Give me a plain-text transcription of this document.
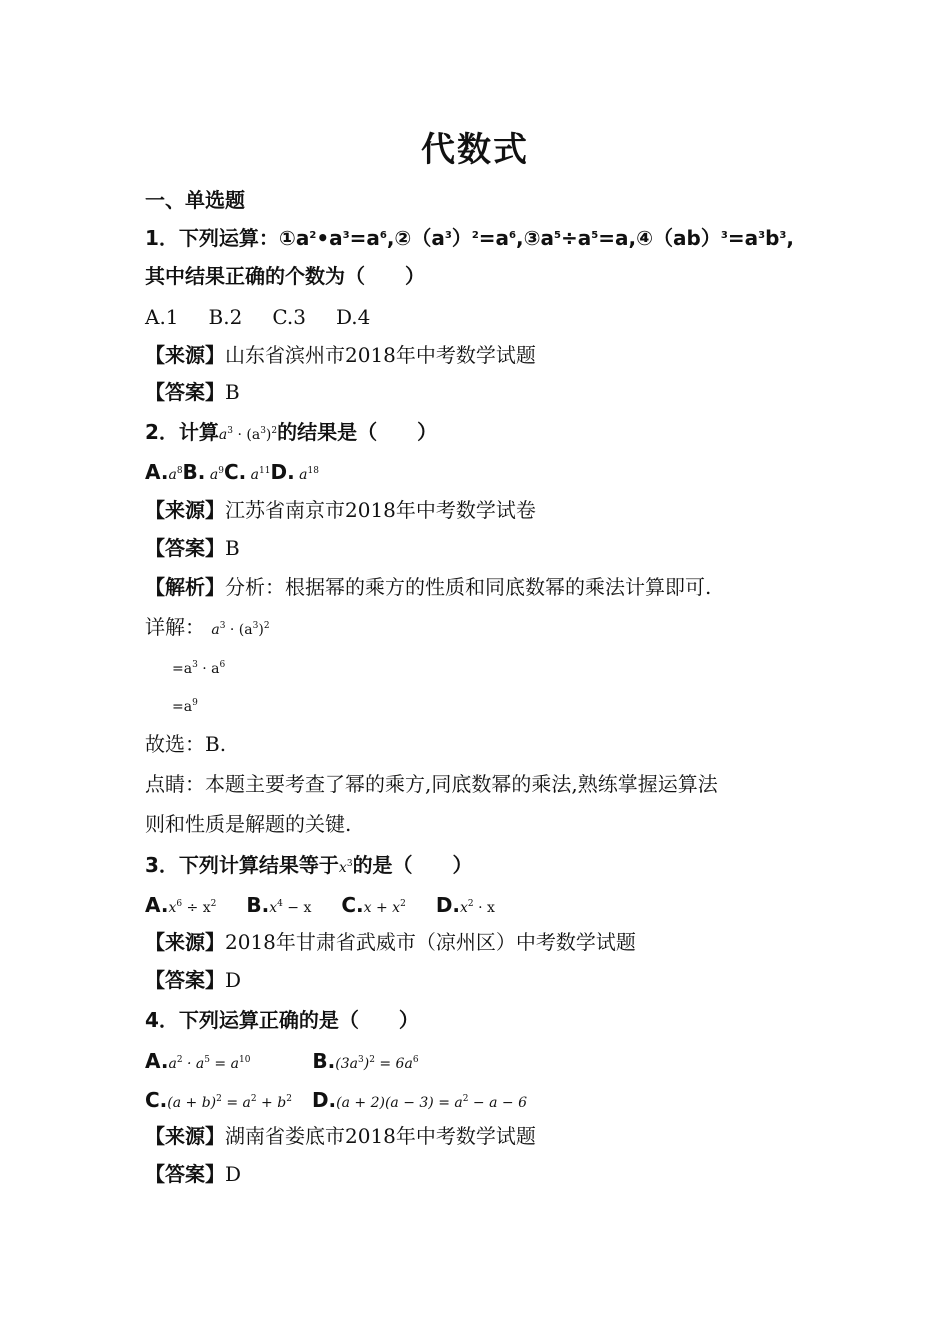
代数式
一、单选题
1．下列运算：$①a^2•a^3=a^6,②(a^3)^2=a^6,③a^5\div a^5=a,④(ab)^3=a^3b^3$,
其中结果正确的个数为（　　）
A.1 B.2 C.3 D.4
【来源】山东省滨州市2018年中考数学试题
【答案】B
2．计算$a^3 \cdot (a^3)^2$的结果是（　　）
$A.a^8B$. $a^9C$. $a^{11}D$. $a^{18}$
【来源】江苏省南京市2018年中考数学试卷
【答案】B
【解析】分析：根据幂的乘方的性质和同底数幂的乘法计算即可.
详解： $a^3 \cdot (a^3)^2$
$=a^3 \cdot a^6$
$=a^9$
故选：B.
点睛：本题主要考查了幂的乘方,同底数幂的乘法,熟练掌握运算法
则和性质是解题的关键.
3．下列计算结果等于$x^3$的是（　　）
$A.x^6 \div x^2$ $B.x^4 - x$ $C.x + x^2$ $D.x^2 \cdot x$
【来源】2018年甘肃省武威市（凉州区）中考数学试题
【答案】D
4．下列运算正确的是（　　）
$A.a^2 \cdot a^5 = a^{10}$	$B.(3a^3)^2 = 6a^6$
$C.(a + b)^2 = a^2 + b^2$ $D.(a + 2)(a - 3) = a^2 - a - 6$
【来源】湖南省娄底市2018年中考数学试题
【答案】D
